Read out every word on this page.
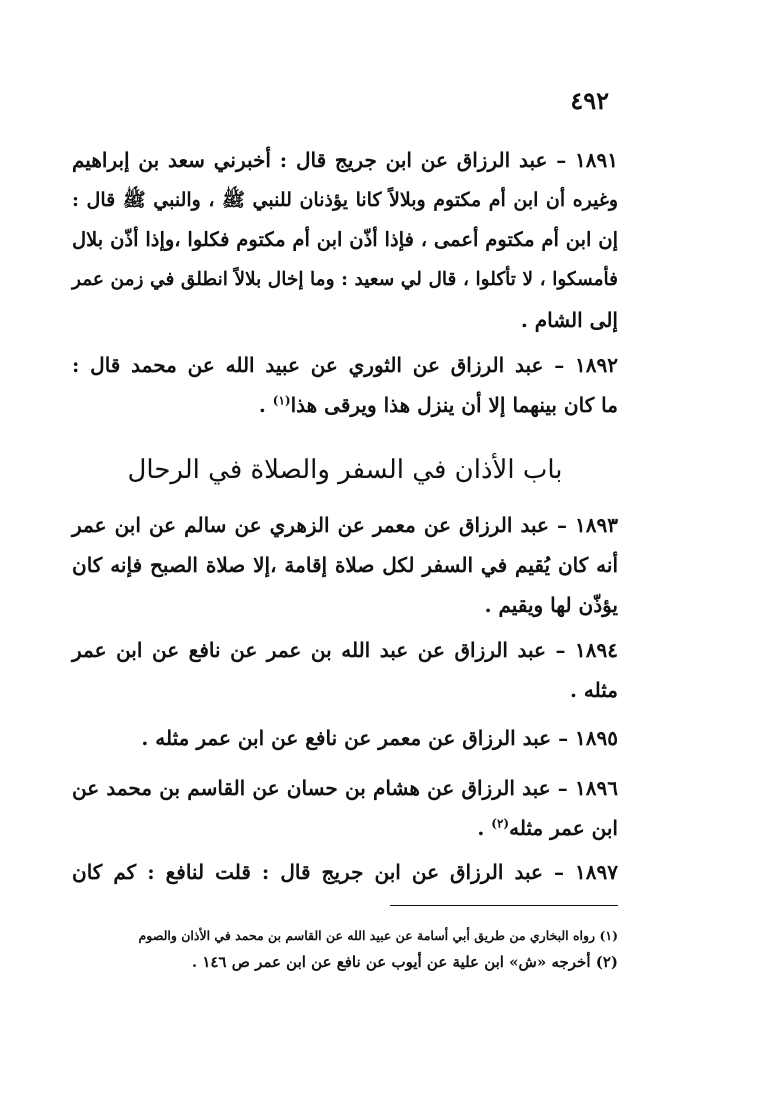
٤٩٢
١٨٩١ – عبد الرزاق عن ابن جريج قال : أخبرني سعد بن إبراهيم
وغيره أن ابن أم مكتوم وبلالاً كانا يؤذنان للنبي ﷺ ، والنبي ﷺ قال :
إن ابن أم مكتوم أعمى ، فإذا أذّن ابن أم مكتوم فكلوا ،وإذا أذّن بلال
فأمسكوا ، لا تأكلوا ، قال لي سعيد : وما إخال بلالاً انطلق في زمن عمر
إلى الشام .
١٨٩٢ – عبد الرزاق عن الثوري عن عبيد الله عن محمد قال :
ما كان بينهما إلا أن ينزل هذا ويرقى هذا$^{(١)}$ .
باب الأذان في السفر والصلاة في الرحال
١٨٩٣ – عبد الرزاق عن معمر عن الزهري عن سالم عن ابن عمر
أنه كان يُقيم في السفر لكل صلاة إقامة ،إلا صلاة الصبح فإنه كان
يؤذّن لها ويقيم .
١٨٩٤ – عبد الرزاق عن عبد الله بن عمر عن نافع عن ابن عمر
مثله .
١٨٩٥ – عبد الرزاق عن معمر عن نافع عن ابن عمر مثله .
١٨٩٦ – عبد الرزاق عن هشام بن حسان عن القاسم بن محمد عن
ابن عمر مثله$^{(٢)}$ .
١٨٩٧ – عبد الرزاق عن ابن جريج قال : قلت لنافع : كم كان
(١) رواه البخاري من طريق أبي أسامة عن عبيد الله عن القاسم بن محمد في الأذان والصوم
(٢) أخرجه «ش» ابن علية عن أيوب عن نافع عن ابن عمر ص ١٤٦ .
